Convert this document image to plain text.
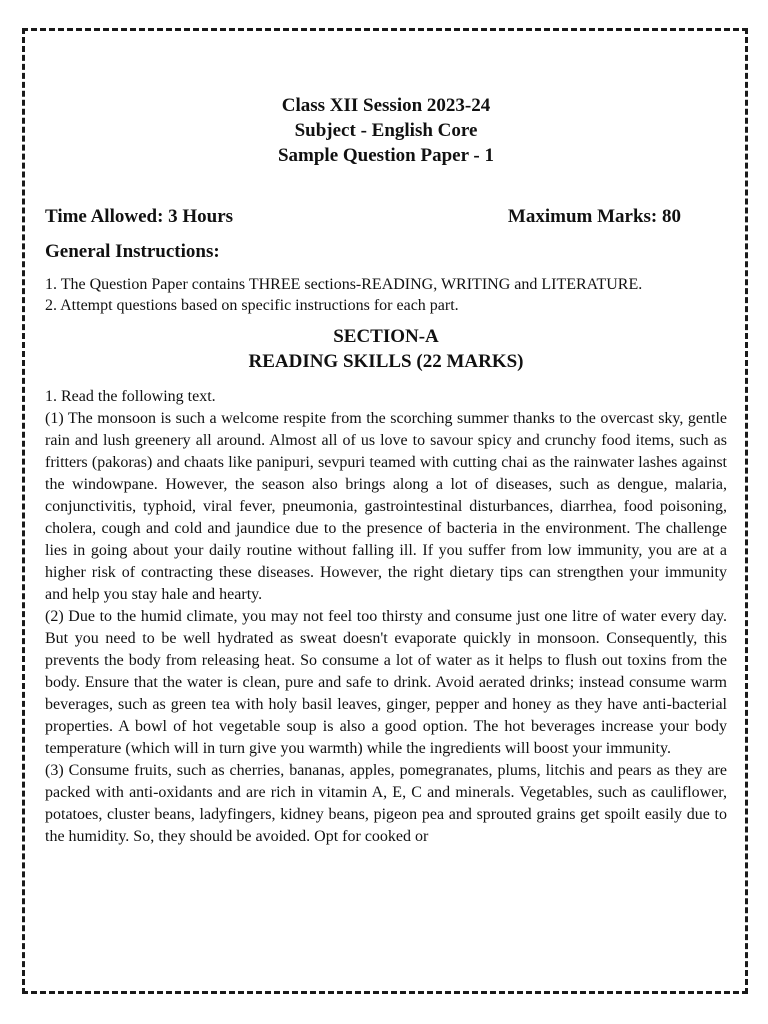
Class XII Session 2023-24
Subject - English Core
Sample Question Paper - 1
Time Allowed: 3 Hours	Maximum Marks: 80
General Instructions:
1. The Question Paper contains THREE sections-READING, WRITING and LITERATURE.
2. Attempt questions based on specific instructions for each part.
SECTION-A
READING SKILLS (22 MARKS)

1. Read the following text.

(1) The monsoon is such a welcome respite from the scorching summer thanks to the overcast sky, gentle rain and lush greenery all around. Almost all of us love to savour spicy and crunchy food items, such as fritters (pakoras) and chaats like panipuri, sevpuri teamed with cutting chai as the rainwater lashes against the windowpane. However, the season also brings along a lot of diseases, such as dengue, malaria, conjunctivitis, typhoid, viral fever, pneumonia, gastrointestinal disturbances, diarrhea, food poisoning, cholera, cough and cold and jaundice due to the presence of bacteria in the environment. The challenge lies in going about your daily routine without falling ill. If you suffer from low immunity, you are at a higher risk of contracting these diseases. However, the right dietary tips can strengthen your immunity and help you stay hale and hearty.

(2) Due to the humid climate, you may not feel too thirsty and consume just one litre of water every day. But you need to be well hydrated as sweat doesn't evaporate quickly in monsoon. Consequently, this prevents the body from releasing heat. So consume a lot of water as it helps to flush out toxins from the body. Ensure that the water is clean, pure and safe to drink. Avoid aerated drinks; instead consume warm beverages, such as green tea with holy basil leaves, ginger, pepper and honey as they have anti-bacterial properties. A bowl of hot vegetable soup is also a good option. The hot beverages increase your body temperature (which will in turn give you warmth) while the ingredients will boost your immunity.

(3) Consume fruits, such as cherries, bananas, apples, pomegranates, plums, litchis and pears as they are packed with anti-oxidants and are rich in vitamin A, E, C and minerals. Vegetables, such as cauliflower, potatoes, cluster beans, ladyfingers, kidney beans, pigeon pea and sprouted grains get spoilt easily due to the humidity. So, they should be avoided. Opt for cooked or
